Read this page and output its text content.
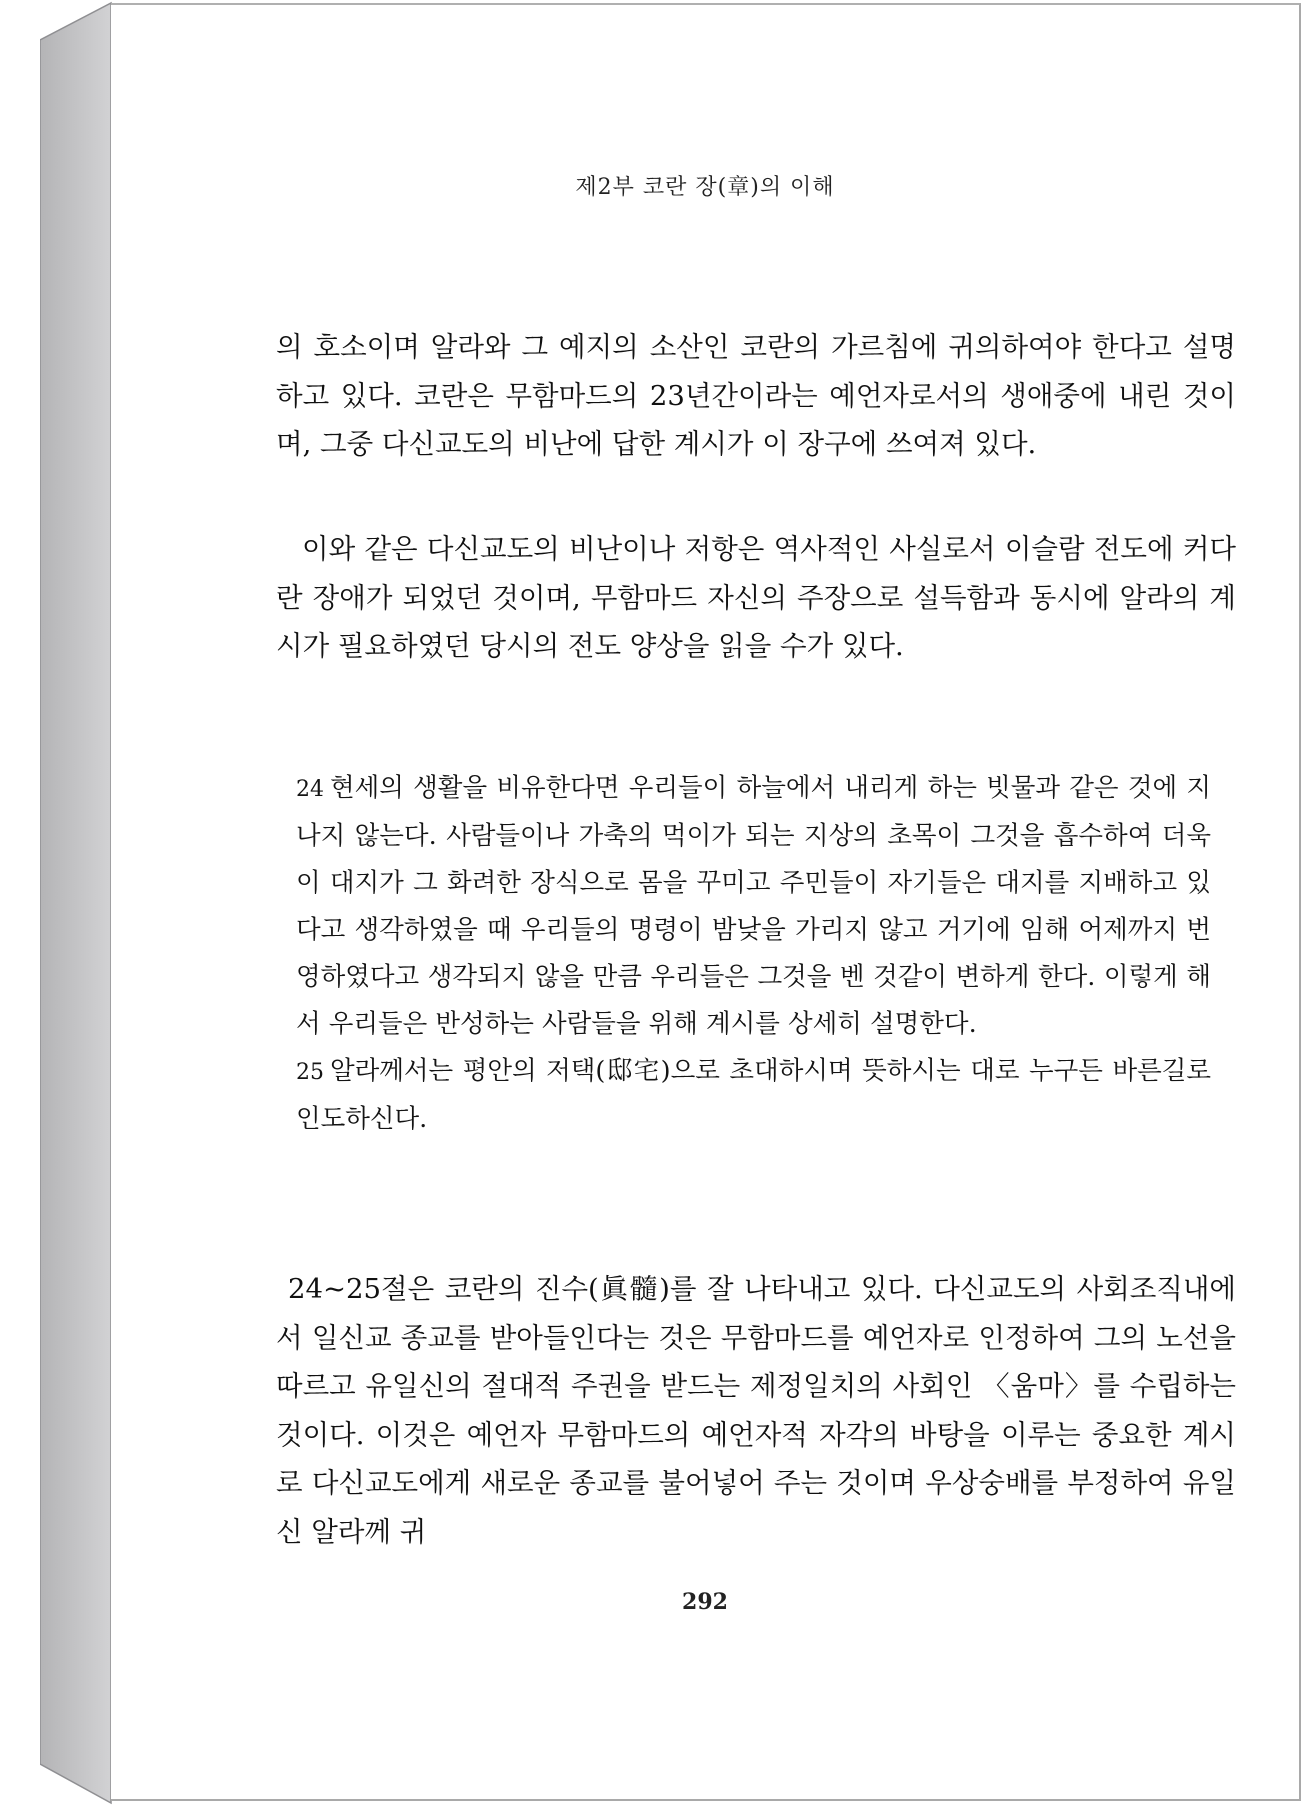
제2부 코란 장(章)의 이해

의 호소이며 알라와 그 예지의 소산인 코란의 가르침에 귀의하여야 한다고 설명하고 있다. 코란은 무함마드의 23년간이라는 예언자로서의 생애중에 내린 것이며, 그중 다신교도의 비난에 답한 계시가 이 장구에 쓰여져 있다.

이와 같은 다신교도의 비난이나 저항은 역사적인 사실로서 이슬람 전도에 커다란 장애가 되었던 것이며, 무함마드 자신의 주장으로 설득함과 동시에 알라의 계시가 필요하였던 당시의 전도 양상을 읽을 수가 있다.

24 현세의 생활을 비유한다면 우리들이 하늘에서 내리게 하는 빗물과 같은 것에 지나지 않는다. 사람들이나 가축의 먹이가 되는 지상의 초목이 그것을 흡수하여 더욱이 대지가 그 화려한 장식으로 몸을 꾸미고 주민들이 자기들은 대지를 지배하고 있다고 생각하였을 때 우리들의 명령이 밤낮을 가리지 않고 거기에 임해 어제까지 번영하였다고 생각되지 않을 만큼 우리들은 그것을 벤 것같이 변하게 한다. 이렇게 해서 우리들은 반성하는 사람들을 위해 계시를 상세히 설명한다.

25 알라께서는 평안의 저택(邸宅)으로 초대하시며 뜻하시는 대로 누구든 바른길로 인도하신다.

24~25절은 코란의 진수(眞髓)를 잘 나타내고 있다. 다신교도의 사회조직내에서 일신교 종교를 받아들인다는 것은 무함마드를 예언자로 인정하여 그의 노선을 따르고 유일신의 절대적 주권을 받드는 제정일치의 사회인 〈움마〉를 수립하는 것이다. 이것은 예언자 무함마드의 예언자적 자각의 바탕을 이루는 중요한 계시로 다신교도에게 새로운 종교를 불어넣어 주는 것이며 우상숭배를 부정하여 유일신 알라께 귀

292
